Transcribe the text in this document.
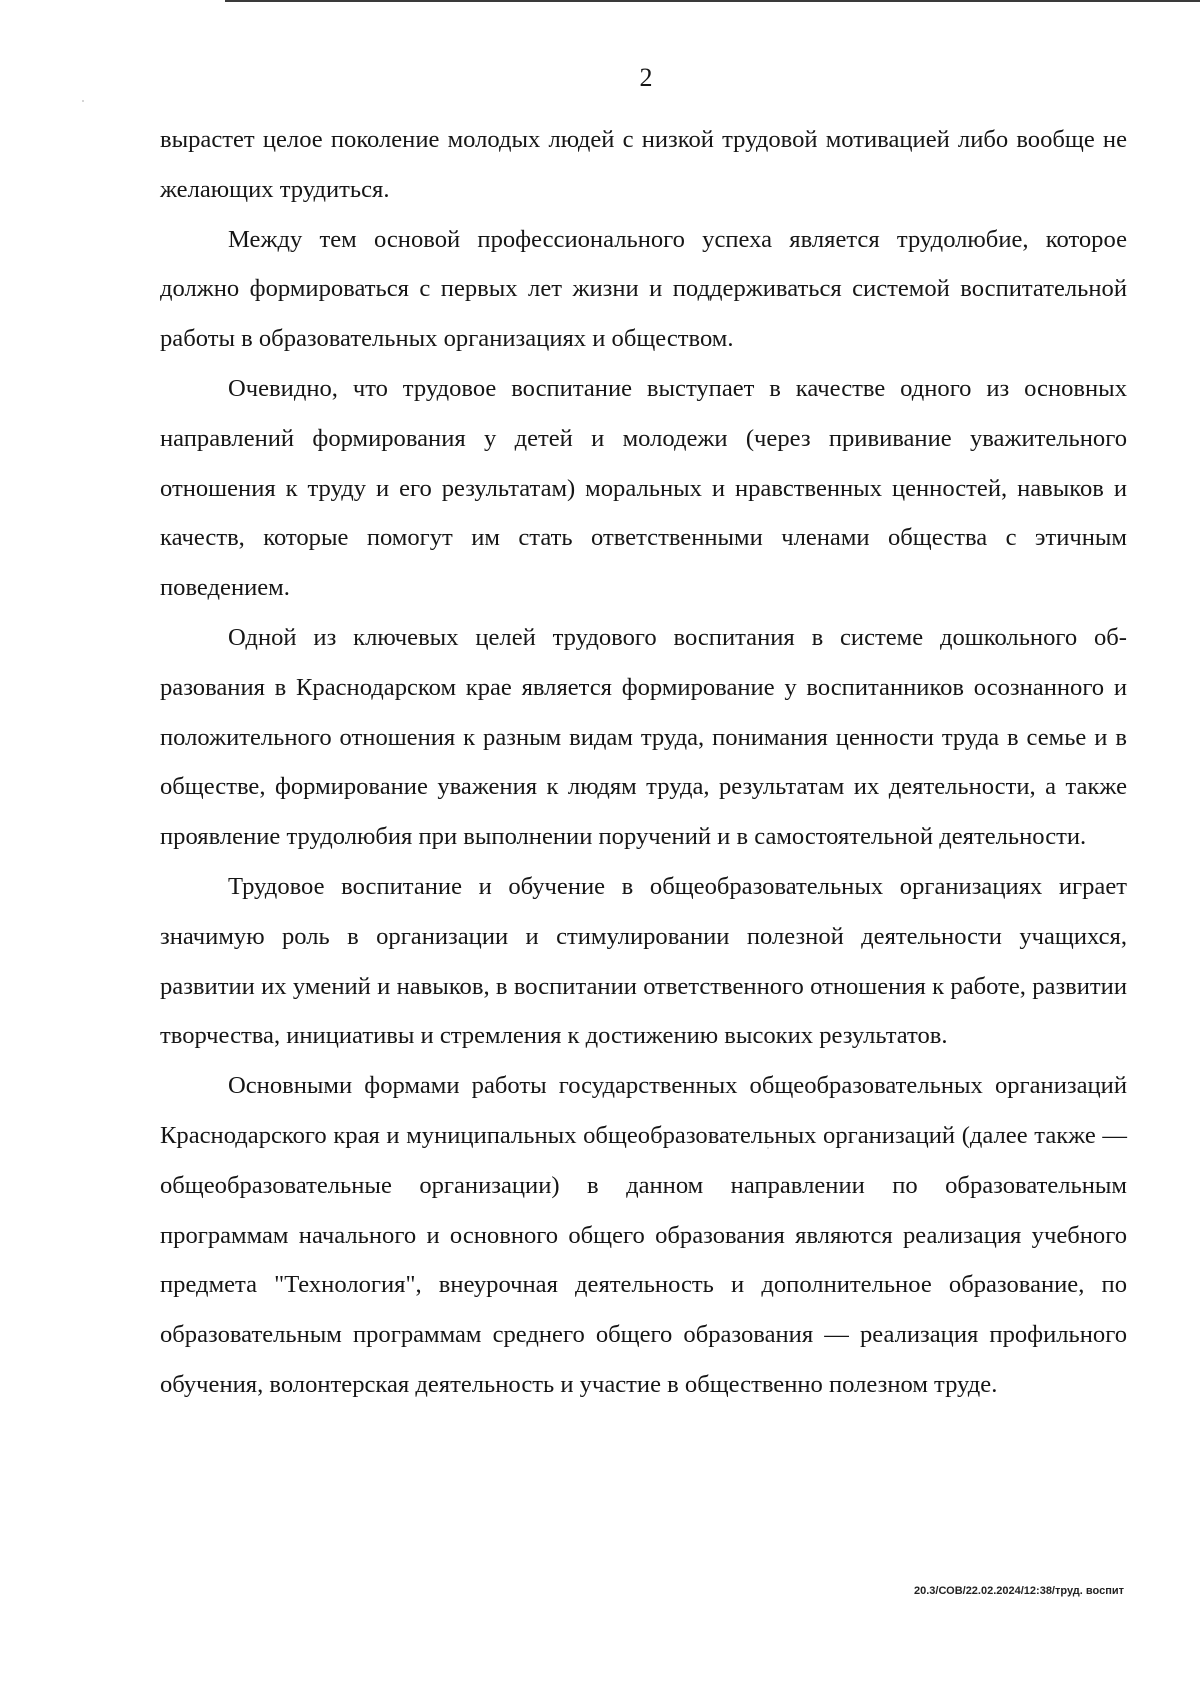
2

вырастет целое поколение молодых людей с низкой трудовой мотивацией либо вообще не желающих трудиться.

Между тем основой профессионального успеха является трудолюбие, которое должно формироваться с первых лет жизни и поддерживаться системой воспитательной работы в образовательных организациях и обществом.

Очевидно, что трудовое воспитание выступает в качестве одного из основных направлений формирования у детей и молодежи (через прививание уважительного отношения к труду и его результатам) моральных и нравственных ценностей, навыков и качеств, которые помогут им стать ответственными членами общества с этичным поведением.

Одной из ключевых целей трудового воспитания в системе дошкольного образования в Краснодарском крае является формирование у воспитанников осознанного и положительного отношения к разным видам труда, понимания ценности труда в семье и в обществе, формирование уважения к людям труда, результатам их деятельности, а также проявление трудолюбия при выполнении поручений и в самостоятельной деятельности.

Трудовое воспитание и обучение в общеобразовательных организациях играет значимую роль в организации и стимулировании полезной деятельности учащихся, развитии их умений и навыков, в воспитании ответственного отношения к работе, развитии творчества, инициативы и стремления к достижению высоких результатов.

Основными формами работы государственных общеобразовательных организаций Краснодарского края и муниципальных общеобразовательных организаций (далее также — общеобразовательные организации) в данном направлении по образовательным программам начального и основного общего образования являются реализация учебного предмета "Технология", внеурочная деятельность и дополнительное образование, по образовательным программам среднего общего образования — реализация профильного обучения, волонтерская деятельность и участие в общественно полезном труде.

20.3/СОВ/22.02.2024/12:38/труд. воспит
